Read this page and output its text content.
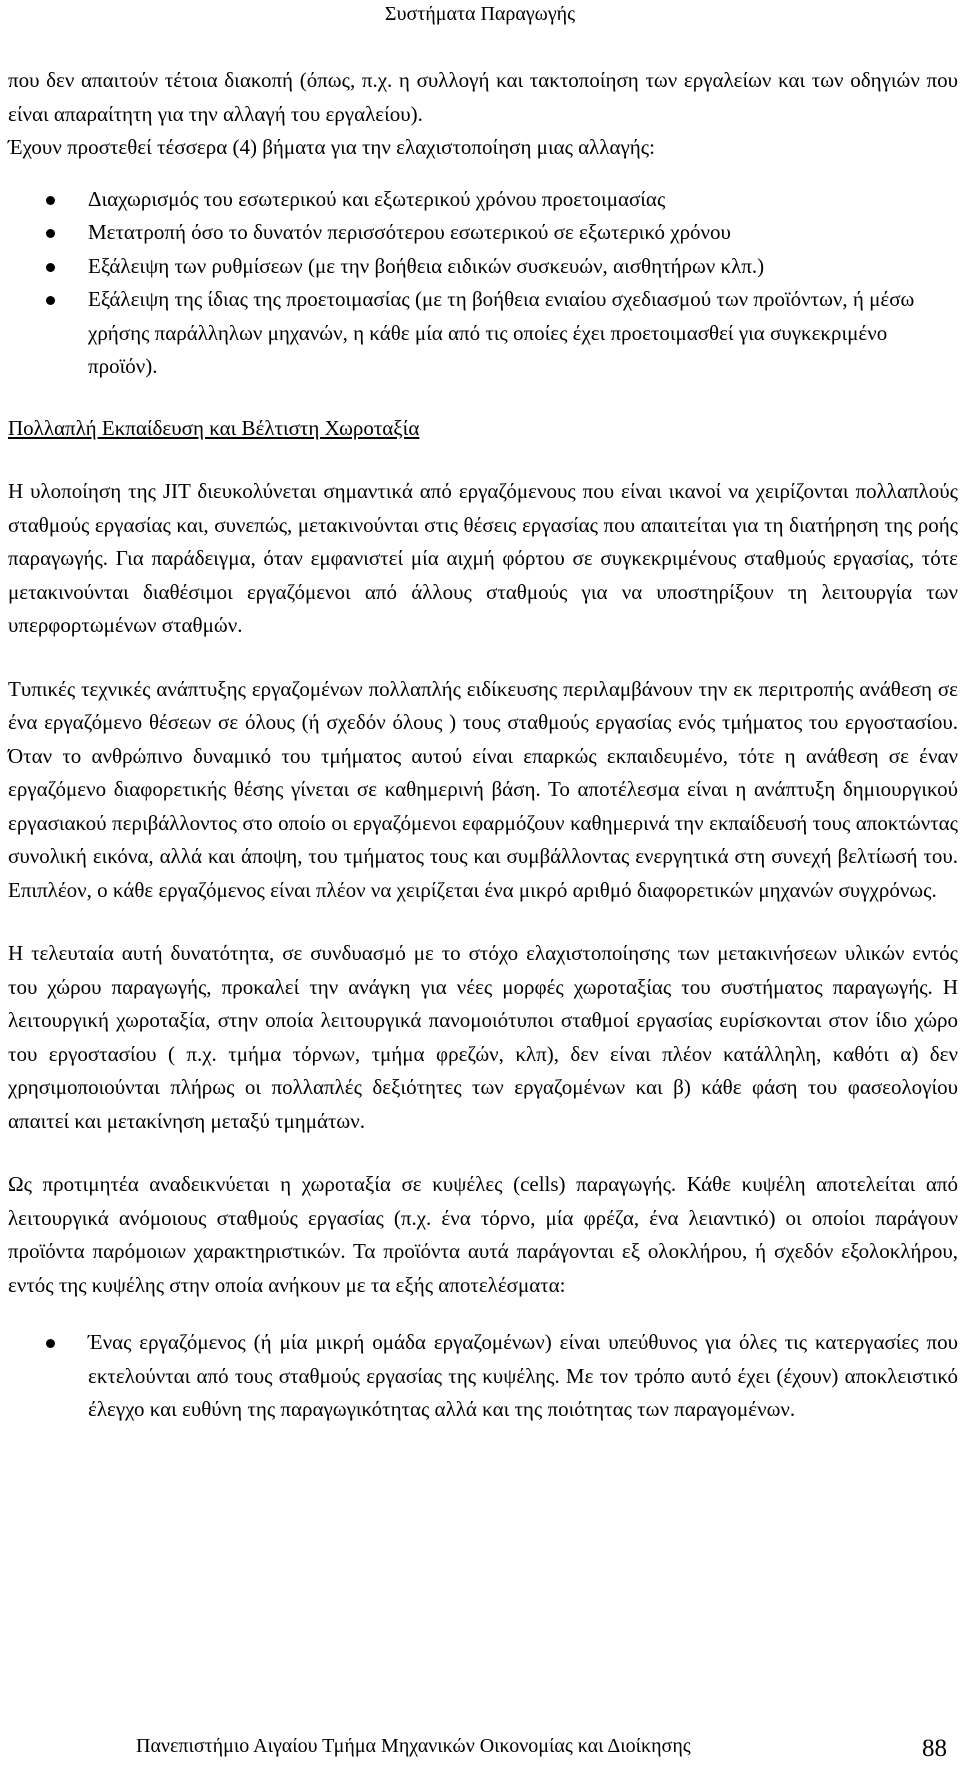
Συστήματα Παραγωγής

που δεν απαιτούν τέτοια διακοπή (όπως, π.χ. η συλλογή και τακτοποίηση των εργαλείων και των οδηγιών που είναι απαραίτητη για την αλλαγή του εργαλείου).

Έχουν προστεθεί τέσσερα (4) βήματα για την ελαχιστοποίηση μιας αλλαγής:

Διαχωρισμός του εσωτερικού και εξωτερικού χρόνου προετοιμασίας
Μετατροπή όσο το δυνατόν περισσότερου εσωτερικού σε εξωτερικό χρόνου
Εξάλειψη των ρυθμίσεων (με την βοήθεια ειδικών συσκευών, αισθητήρων κλπ.)
Εξάλειψη της ίδιας της προετοιμασίας (με τη βοήθεια ενιαίου σχεδιασμού των προϊόντων, ή μέσω χρήσης παράλληλων μηχανών, η κάθε μία από τις οποίες έχει προετοιμασθεί για συγκεκριμένο προϊόν).

Πολλαπλή Εκπαίδευση και Βέλτιστη Χωροταξία

Η υλοποίηση της JIT διευκολύνεται σημαντικά από εργαζόμενους που είναι ικανοί να χειρίζονται πολλαπλούς σταθμούς εργασίας και, συνεπώς, μετακινούνται στις θέσεις εργασίας που απαιτείται για τη διατήρηση της ροής παραγωγής. Για παράδειγμα, όταν εμφανιστεί μία αιχμή φόρτου σε συγκεκριμένους σταθμούς εργασίας, τότε μετακινούνται διαθέσιμοι εργαζόμενοι από άλλους σταθμούς για να υποστηρίξουν τη λειτουργία των υπερφορτωμένων σταθμών.

Τυπικές τεχνικές ανάπτυξης εργαζομένων πολλαπλής ειδίκευσης περιλαμβάνουν την εκ περιτροπής ανάθεση σε ένα εργαζόμενο θέσεων σε όλους (ή σχεδόν όλους ) τους σταθμούς εργασίας ενός τμήματος του εργοστασίου. Όταν το ανθρώπινο δυναμικό του τμήματος αυτού είναι επαρκώς εκπαιδευμένο, τότε η ανάθεση σε έναν εργαζόμενο διαφορετικής θέσης γίνεται σε καθημερινή βάση. Το αποτέλεσμα είναι η ανάπτυξη δημιουργικού εργασιακού περιβάλλοντος στο οποίο οι εργαζόμενοι εφαρμόζουν καθημερινά την εκπαίδευσή τους αποκτώντας συνολική εικόνα, αλλά και άποψη, του τμήματος τους και συμβάλλοντας ενεργητικά στη συνεχή βελτίωσή του. Επιπλέον, ο κάθε εργαζόμενος είναι πλέον να χειρίζεται ένα μικρό αριθμό διαφορετικών μηχανών συγχρόνως.

Η τελευταία αυτή δυνατότητα, σε συνδυασμό με το στόχο ελαχιστοποίησης των μετακινήσεων υλικών εντός του χώρου παραγωγής, προκαλεί την ανάγκη για νέες μορφές χωροταξίας του συστήματος παραγωγής. Η λειτουργική χωροταξία, στην οποία λειτουργικά πανομοιότυποι σταθμοί εργασίας ευρίσκονται στον ίδιο χώρο του εργοστασίου ( π.χ. τμήμα τόρνων, τμήμα φρεζών, κλπ), δεν είναι πλέον κατάλληλη, καθότι α) δεν χρησιμοποιούνται πλήρως οι πολλαπλές δεξιότητες των εργαζομένων και β) κάθε φάση του φασεολογίου απαιτεί και μετακίνηση μεταξύ τμημάτων.

Ως προτιμητέα αναδεικνύεται η χωροταξία σε κυψέλες (cells) παραγωγής. Κάθε κυψέλη αποτελείται από λειτουργικά ανόμοιους σταθμούς εργασίας (π.χ. ένα τόρνο, μία φρέζα, ένα λειαντικό) οι οποίοι παράγουν προϊόντα παρόμοιων χαρακτηριστικών. Τα προϊόντα αυτά παράγονται εξ ολοκλήρου, ή σχεδόν εξολοκλήρου, εντός της κυψέλης στην οποία ανήκουν με τα εξής αποτελέσματα:

Ένας εργαζόμενος (ή μία μικρή ομάδα εργαζομένων) είναι υπεύθυνος για όλες τις κατεργασίες που εκτελούνται από τους σταθμούς εργασίας της κυψέλης. Με τον τρόπο αυτό έχει (έχουν) αποκλειστικό έλεγχο και ευθύνη της παραγωγικότητας αλλά και της ποιότητας των παραγομένων.
Πανεπιστήμιο Αιγαίου Τμήμα Μηχανικών Οικονομίας και Διοίκησης	88
